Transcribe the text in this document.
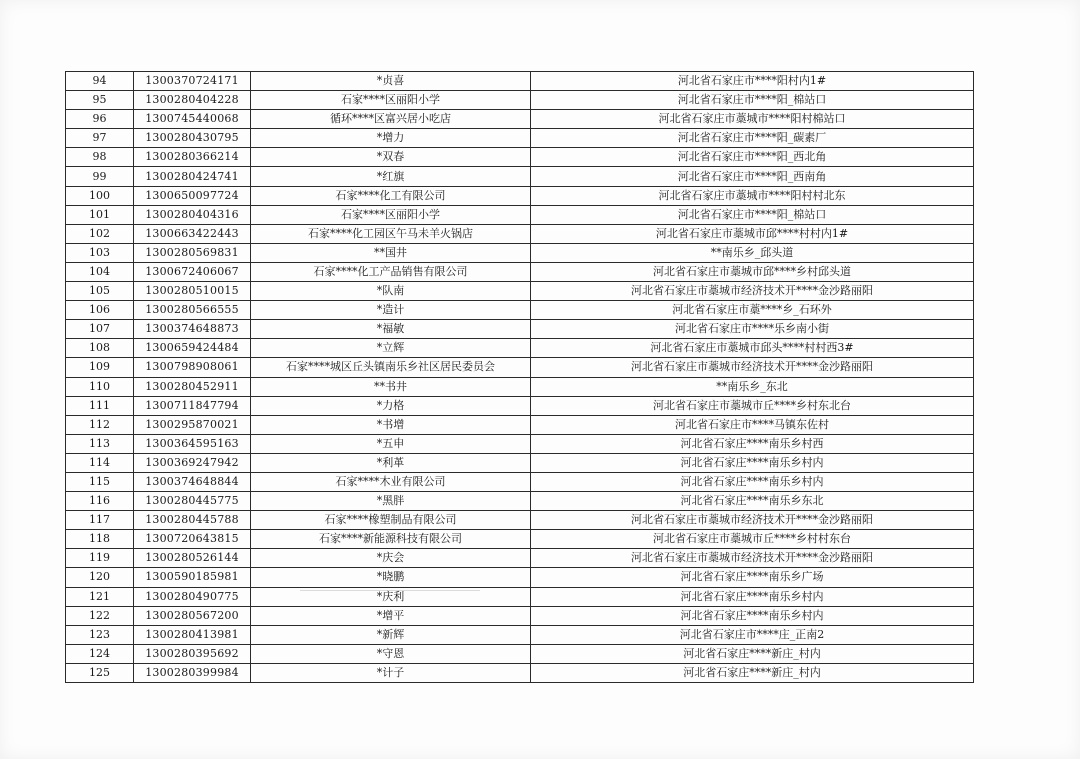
94	1300370724171	*贞喜	河北省石家庄市****阳村内1#
95	1300280404228	石家****区丽阳小学	河北省石家庄市****阳_棉站口
96	1300745440068	循环****区富兴居小吃店	河北省石家庄市藁城市****阳村棉站口
97	1300280430795	*增力	河北省石家庄市****阳_碳素厂
98	1300280366214	*双春	河北省石家庄市****阳_西北角
99	1300280424741	*红旗	河北省石家庄市****阳_西南角
100	1300650097724	石家****化工有限公司	河北省石家庄市藁城市****阳村村北东
101	1300280404316	石家****区丽阳小学	河北省石家庄市****阳_棉站口
102	1300663422443	石家****化工园区午马未羊火锅店	河北省石家庄市藁城市邱****村村内1#
103	1300280569831	**国井	**南乐乡_邱头道
104	1300672406067	石家****化工产品销售有限公司	河北省石家庄市藁城市邱****乡村邱头道
105	1300280510015	*队南	河北省石家庄市藁城市经济技术开****金沙路丽阳
106	1300280566555	*造计	河北省石家庄市藁****乡_石环外
107	1300374648873	*福敏	河北省石家庄市****乐乡南小街
108	1300659424484	*立辉	河北省石家庄市藁城市邱头****村村西3#
109	1300798908061	石家****城区丘头镇南乐乡社区居民委员会	河北省石家庄市藁城市经济技术开****金沙路丽阳
110	1300280452911	**书井	**南乐乡_东北
111	1300711847794	*力格	河北省石家庄市藁城市丘****乡村东北台
112	1300295870021	*书增	河北省石家庄市****马镇东佐村
113	1300364595163	*五申	河北省石家庄****南乐乡村西
114	1300369247942	*利革	河北省石家庄****南乐乡村内
115	1300374648844	石家****木业有限公司	河北省石家庄****南乐乡村内
116	1300280445775	*黑胖	河北省石家庄****南乐乡东北
117	1300280445788	石家****橡塑制品有限公司	河北省石家庄市藁城市经济技术开****金沙路丽阳
118	1300720643815	石家****新能源科技有限公司	河北省石家庄市藁城市丘****乡村村东台
119	1300280526144	*庆会	河北省石家庄市藁城市经济技术开****金沙路丽阳
120	1300590185981	*晓鹏	河北省石家庄****南乐乡广场
121	1300280490775	*庆利	河北省石家庄****南乐乡村内
122	1300280567200	*增平	河北省石家庄****南乐乡村内
123	1300280413981	*新辉	河北省石家庄市****庄_正南2
124	1300280395692	*守恩	河北省石家庄****新庄_村内
125	1300280399984	*计子	河北省石家庄****新庄_村内
